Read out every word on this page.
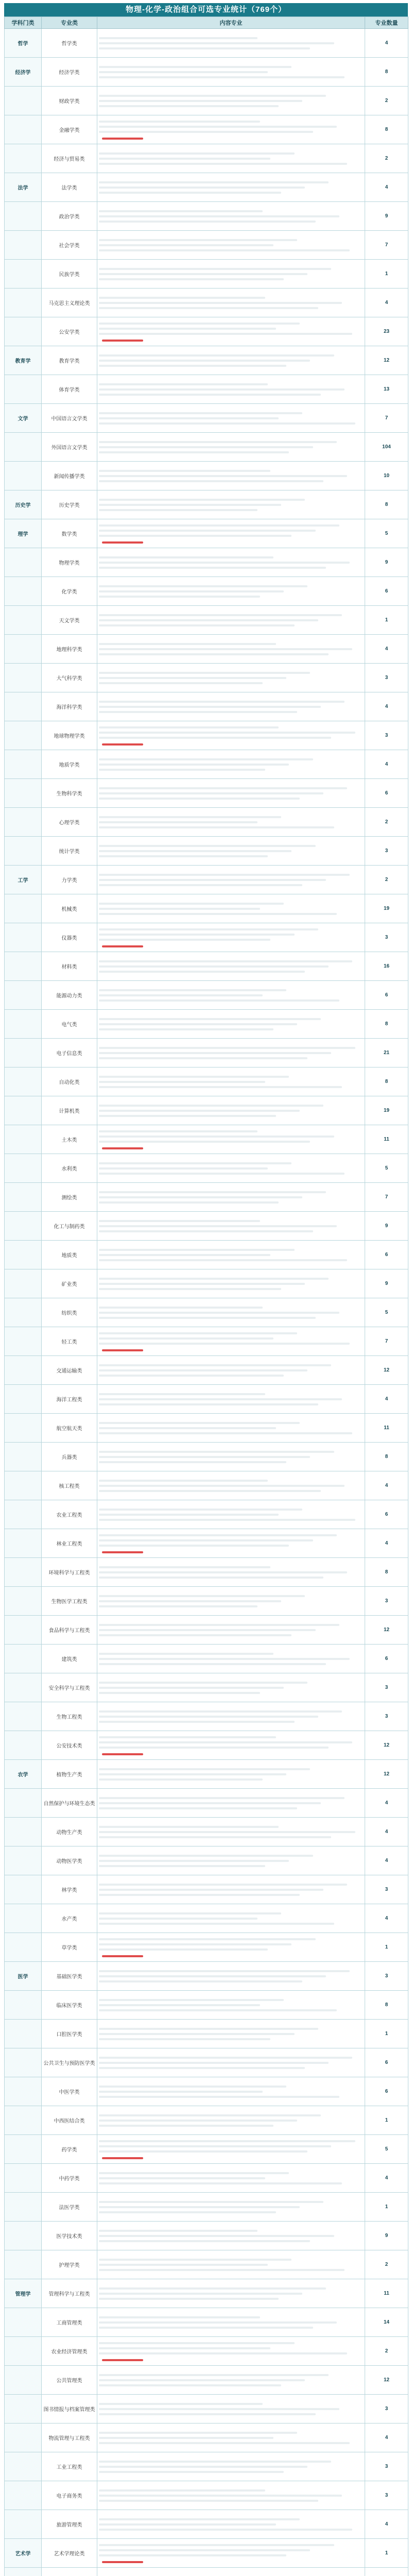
物理-化学-政治组合可选专业统计（769个）
学科门类	专业类	内容专业	专业数量
哲学	哲学类		4
经济学	经济学类		8
	财政学类		2
	金融学类		8
	经济与贸易类		2
法学	法学类		4
	政治学类		9
	社会学类		7
	民族学类		1
	马克思主义理论类		4
	公安学类		23
教育学	教育学类		12
	体育学类		13
文学	中国语言文学类		7
	外国语言文学类		104
	新闻传播学类		10
历史学	历史学类		8
理学	数学类		5
	物理学类		9
	化学类		6
	天文学类		1
	地理科学类		4
	大气科学类		3
	海洋科学类		4
	地球物理学类		3
	地质学类		4
	生物科学类		6
	心理学类		2
	统计学类		3
工学	力学类		2
	机械类		19
	仪器类		3
	材料类		16
	能源动力类		6
	电气类		8
	电子信息类		21
	自动化类		8
	计算机类		19
	土木类		11
	水利类		5
	测绘类		7
	化工与制药类		9
	地质类		6
	矿业类		9
	纺织类		5
	轻工类		7
	交通运输类		12
	海洋工程类		4
	航空航天类		11
	兵器类		8
	核工程类		4
	农业工程类		6
	林业工程类		4
	环境科学与工程类		8
	生物医学工程类		3
	食品科学与工程类		12
	建筑类		6
	安全科学与工程类		3
	生物工程类		3
	公安技术类		12
农学	植物生产类		12
	自然保护与环境生态类		4
	动物生产类		4
	动物医学类		4
	林学类		3
	水产类		4
	草学类		1
医学	基础医学类		3
	临床医学类		8
	口腔医学类		1
	公共卫生与预防医学类		6
	中医学类		6
	中西医结合类		1
	药学类		5
	中药学类		4
	法医学类		1
	医学技术类		9
	护理学类		2
管理学	管理科学与工程类		11
	工商管理类		14
	农业经济管理类		2
	公共管理类		12
	图书情报与档案管理类		3
	物流管理与工程类		4
	工业工程类		3
	电子商务类		3
	旅游管理类		4
艺术学	艺术学理论类		1
